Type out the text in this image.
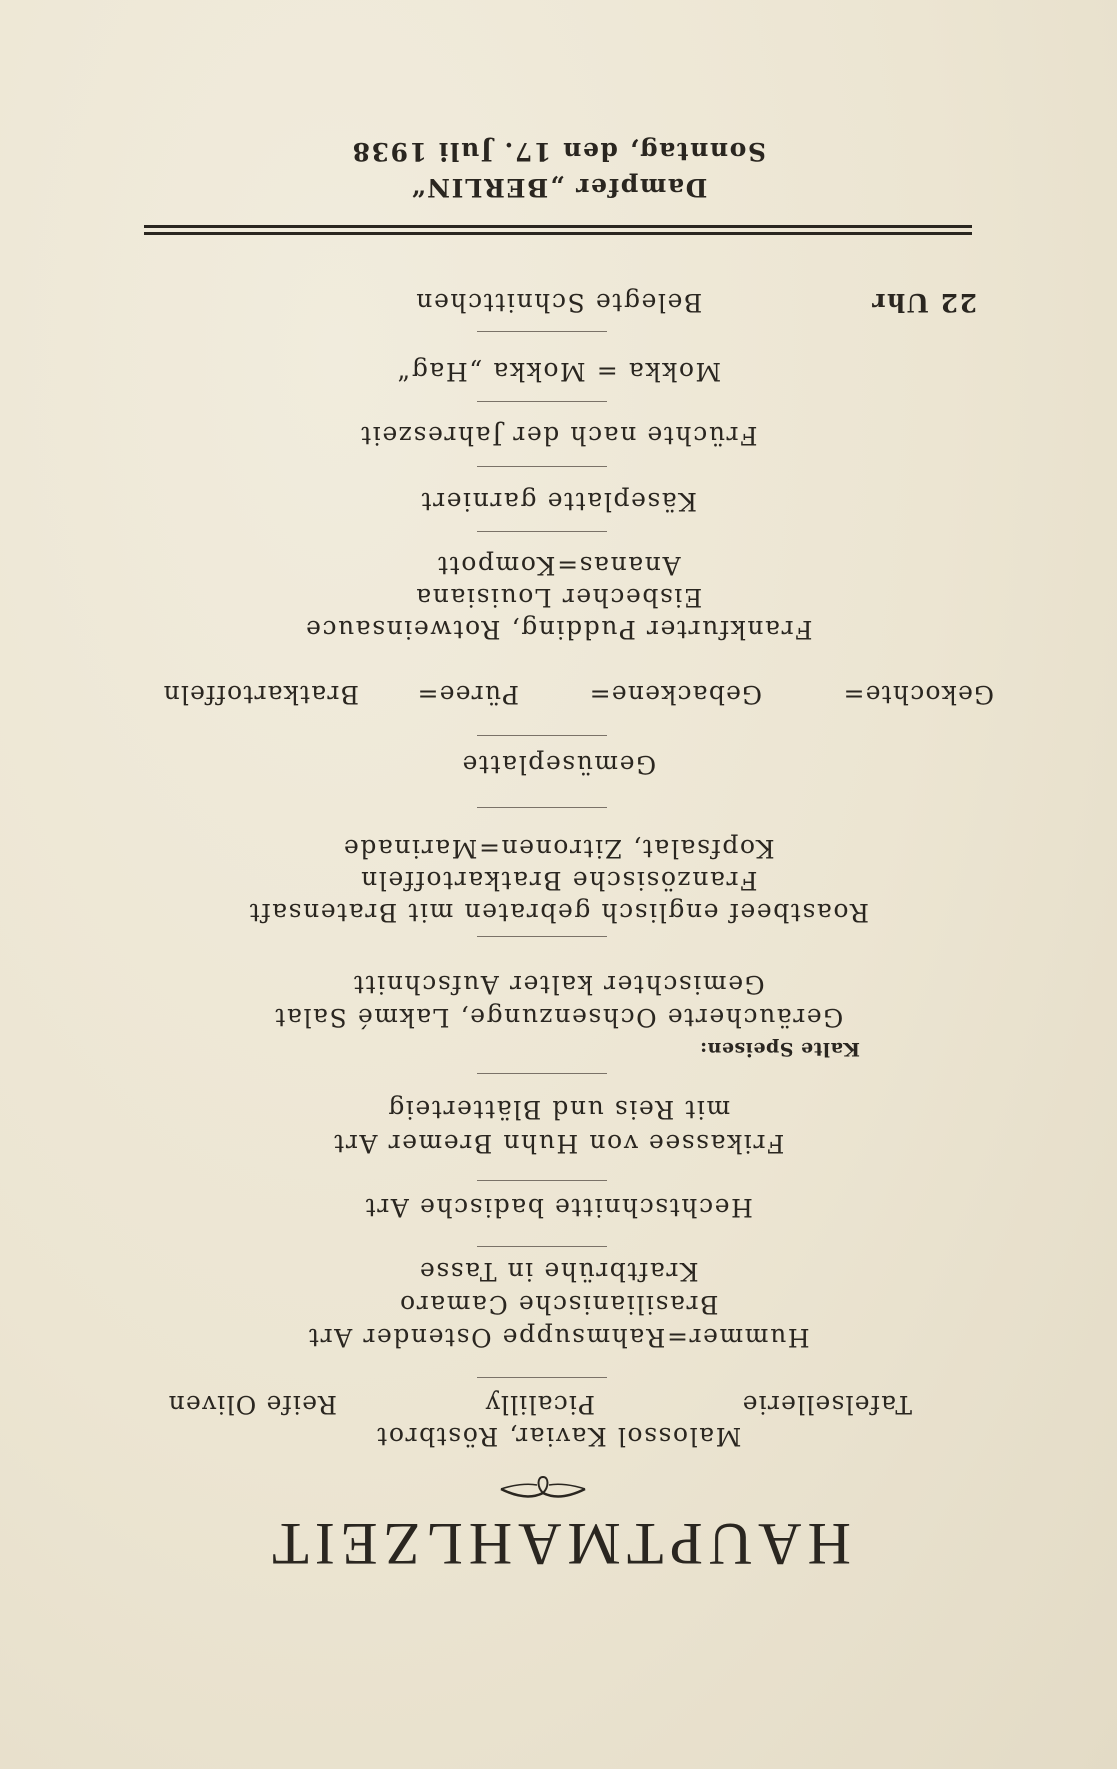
HAUPTMAHLZEIT
Malossol Kaviar, Röstbrot
Tafelsellerie
Picalilly
Reife Oliven
Hummer=Rahmsuppe Ostender Art
Brasilianische Camaro
Kraftbrühe in Tasse
Hechtschnitte badische Art
Frikassee von Huhn Bremer Art
mit Reis und Blätterteig
Kalte Speisen:
Geräucherte Ochsenzunge, Lakmé Salat
Gemischter kalter Aufschnitt
Roastbeef englisch gebraten mit Bratensaft
Französische Bratkartoffeln
Kopfsalat, Zitronen=Marinade
Gemüseplatte
Gekochte=
Gebackene=
Püree=
Bratkartoffeln
Frankfurter Pudding, Rotweinsauce
Eisbecher Louisiana
Ananas=Kompott
Käseplatte garniert
Früchte nach der Jahreszeit
Mokka = Mokka „Hag“
22 Uhr
Belegte Schnittchen
Dampfer „BERLIN“
Sonntag, den 17. Juli 1938
